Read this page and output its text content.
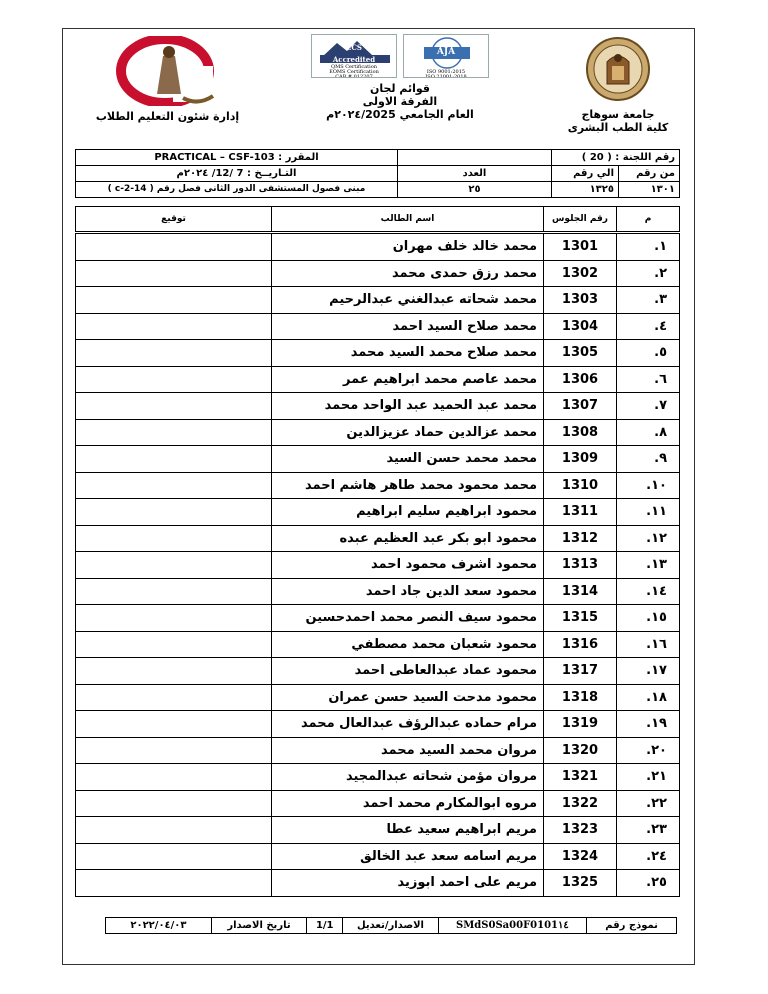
جامعة سوهاج
كلية الطب البشرى
AJA
ISO 9001:2015
ISO 21001:2018
ECS
Accredited
QMS Certification
EOMS Certification
CAB # 012207
قوائم لجان
الفرقة الاولى
العام الجامعي ٢٠٢٤/2025م
إدارة شئون التعليم الطلاب
رقم اللجنة : ( 20 )			المقرر : PRACTICAL – CSF-103
من رقم	الي رقم	العدد	التـاريــخ : 7 /12/ ٢٠٢٤م
١٣٠١	١٣٢٥	٢٥	مبنى فصول المستشفى الدور الثانى فصل رقم ( c-2-14 )
م	رقم الجلوس	اسم الطالب	توقيع
١.	1301	محمد خالد خلف مهران	
٢.	1302	محمد رزق حمدى محمد	
٣.	1303	محمد شحاته عبدالغني عبدالرحيم	
٤.	1304	محمد صلاح السيد احمد	
٥.	1305	محمد صلاح محمد السيد محمد	
٦.	1306	محمد عاصم محمد ابراهيم عمر	
٧.	1307	محمد عبد الحميد عبد الواحد محمد	
٨.	1308	محمد عزالدين حماد عزيزالدين	
٩.	1309	محمد محمد حسن السيد	
١٠.	1310	محمد محمود محمد طاهر هاشم احمد	
١١.	1311	محمود ابراهيم سليم ابراهيم	
١٢.	1312	محمود ابو بكر عبد العظيم عبده	
١٣.	1313	محمود اشرف محمود احمد	
١٤.	1314	محمود سعد الدين جاد احمد	
١٥.	1315	محمود سيف النصر محمد احمدحسين	
١٦.	1316	محمود شعبان محمد مصطفي	
١٧.	1317	محمود عماد عبدالعاطى احمد	
١٨.	1318	محمود مدحت السيد حسن عمران	
١٩.	1319	مرام حماده عبدالرؤف عبدالعال محمد	
٢٠.	1320	مروان محمد السيد محمد	
٢١.	1321	مروان مؤمن شحاته عبدالمجيد	
٢٢.	1322	مروه ابوالمكارم محمد احمد	
٢٣.	1323	مريم ابراهيم سعيد عطا	
٢٤.	1324	مريم اسامه سعد عبد الخالق	
٢٥.	1325	مريم على احمد ابوزيد	
نموذج رقم	SMdS0Sa00F0101١٤	الاصدار/تعديل	1/1	تاريخ الاصدار	٢٠٢٢/٠٤/٠٣
